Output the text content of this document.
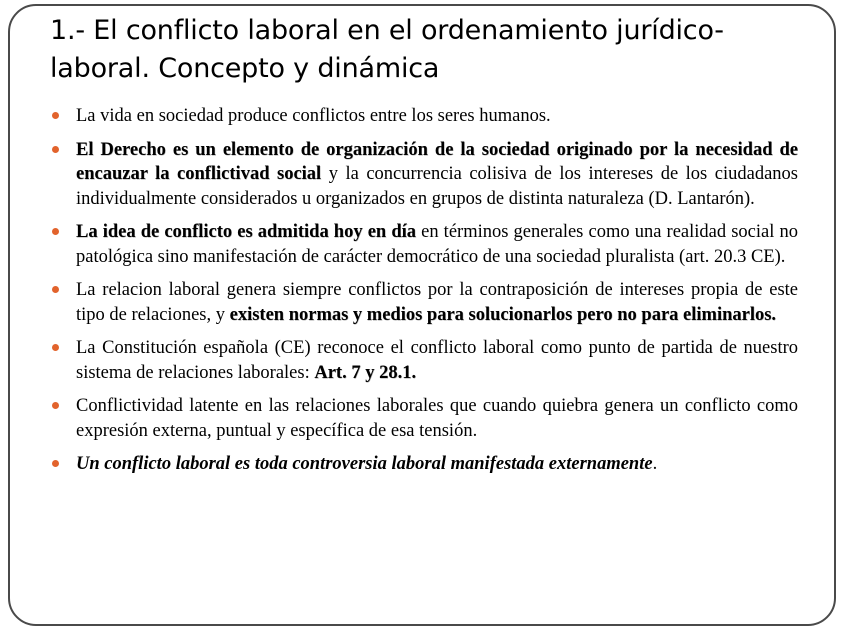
1.- El conflicto laboral en el ordenamiento jurídico-
laboral. Concepto y dinámica
La vida en sociedad produce conflictos entre los seres humanos.
El Derecho es un elemento de organización de la sociedad originado por la necesidad de encauzar la conflictivad social y la concurrencia colisiva de los intereses de los ciudadanos individualmente considerados u organizados en grupos de distinta naturaleza (D. Lantarón).
La idea de conflicto es admitida hoy en día en términos generales como una realidad social no patológica sino manifestación de carácter democrático de una sociedad pluralista (art. 20.3 CE).
La relacion laboral genera siempre conflictos por la contraposición de intereses propia de este tipo de relaciones, y existen normas y medios para solucionarlos pero no para eliminarlos.
La Constitución española (CE) reconoce el conflicto laboral como punto de partida de nuestro sistema de relaciones laborales: Art. 7 y 28.1.
Conflictividad latente en las relaciones laborales que cuando quiebra genera un conflicto como expresión externa, puntual y específica de esa tensión.
Un conflicto laboral es toda controversia laboral manifestada externamente.
